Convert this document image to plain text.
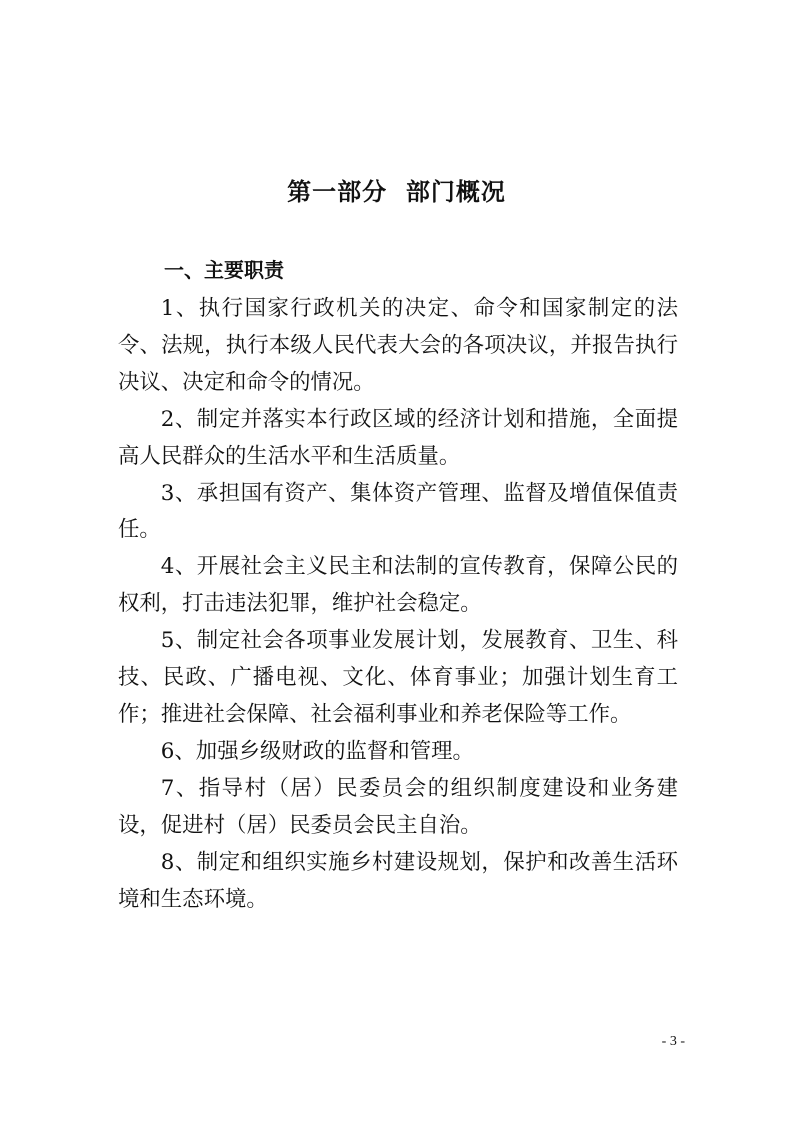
第一部分  部门概况
一、主要职责

1、执行国家行政机关的决定、命令和国家制定的法令、法规，执行本级人民代表大会的各项决议，并报告执行决议、决定和命令的情况。

2、制定并落实本行政区域的经济计划和措施，全面提高人民群众的生活水平和生活质量。

3、承担国有资产、集体资产管理、监督及增值保值责任。

4、开展社会主义民主和法制的宣传教育，保障公民的权利，打击违法犯罪，维护社会稳定。

5、制定社会各项事业发展计划，发展教育、卫生、科技、民政、广播电视、文化、体育事业；加强计划生育工作；推进社会保障、社会福利事业和养老保险等工作。

6、加强乡级财政的监督和管理。

7、指导村（居）民委员会的组织制度建设和业务建设，促进村（居）民委员会民主自治。

8、制定和组织实施乡村建设规划，保护和改善生活环境和生态环境。

- 3 -
